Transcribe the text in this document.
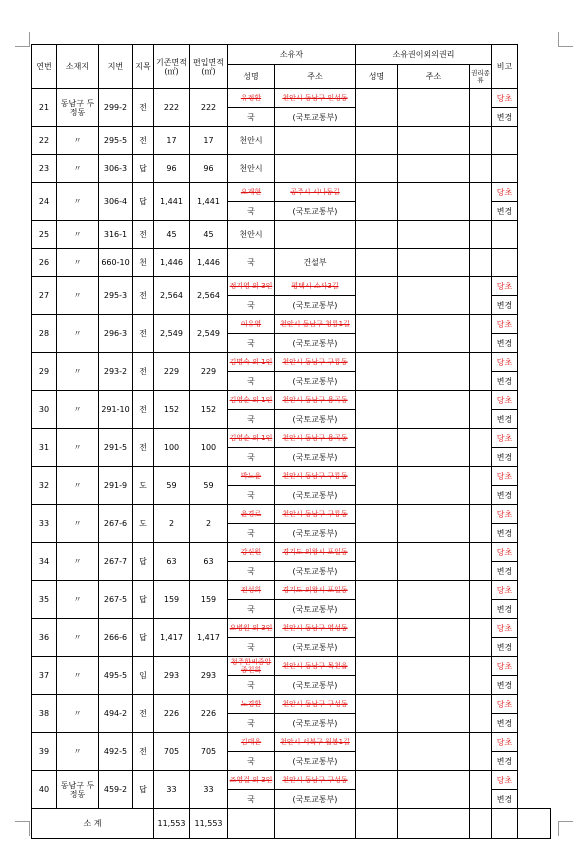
연번	소재지	지번	지목	기존면적(㎡)	편입면적(㎡)	소유자		소유권이외의권리			비고	
						성명	주소	성명	주소	권리종류		
21	동남구 두정동	299-2	전	222	222	유정환	천안시 동남구 인성동				당초	
						국	(국토교통부)				변경	
22	〃	295-5	전	17	17	천안시						
23	〃	306-3	답	96	96	천안시						
24	〃	306-4	답	1,441	1,441	오재현	공주시 시나동길				당초	
						국	(국토교통부)				변경	
25	〃	316-1	전	45	45	천안시						
26	〃	660-10	천	1,446	1,446	국	건설부					
27	〃	295-3	전	2,564	2,564	정기영 외 3인	평택시 소사3길				당초	
						국	(국토교통부)				변경	
28	〃	296-3	전	2,549	2,549	이유영	천안시 동남구 청룡1길				당초	
						국	(국토교통부)				변경	
29	〃	293-2	전	229	229	김명숙 외 1인	천안시 동남구 구룡동				당초	
						국	(국토교통부)				변경	
30	〃	291-10	전	152	152	김영순 외 1인	천안시 동남구 용곡동				당초	
						국	(국토교통부)				변경	
31	〃	291-5	전	100	100	김영순 외 1인	천안시 동남구 용곡동				당초	
						국	(국토교통부)				변경	
32	〃	291-9	도	59	59	박노윤	천안시 동남구 구룡동				당초	
						국	(국토교통부)				변경	
33	〃	267-6	도	2	2	윤경로	천안시 동남구 구룡동				당초	
						국	(국토교통부)				변경	
34	〃	267-7	답	63	63	강신원	경기도 의왕시 포일동				당초	
						국	(국토교통부)				변경	
35	〃	267-5	답	159	159	전성희	경기도 의왕시 포일동				당초	
						국	(국토교통부)				변경	
36	〃	266-6	답	1,417	1,417	오병원 외 3인	천안시 동남구 영성동				당초	
						국	(국토교통부)				변경	
37	〃	495-5	임	293	293	청주한씨중앙종친회	천안시 동남구 목천읍				당초	
						국	(국토교통부)				변경	
38	〃	494-2	전	226	226	노경환	천안시 동남구 구성동				당초	
						국	(국토교통부)				변경	
39	〃	492-5	전	705	705	김태은	천안시 서북구 월봉1길				당초	
						국	(국토교통부)				변경	
40	동남구 두정동	459-2	답	33	33	조영걸 외 3인	천안시 동남구 구성동				당초	
						국	(국토교통부)				변경	
소 계				11,553	11,553							
